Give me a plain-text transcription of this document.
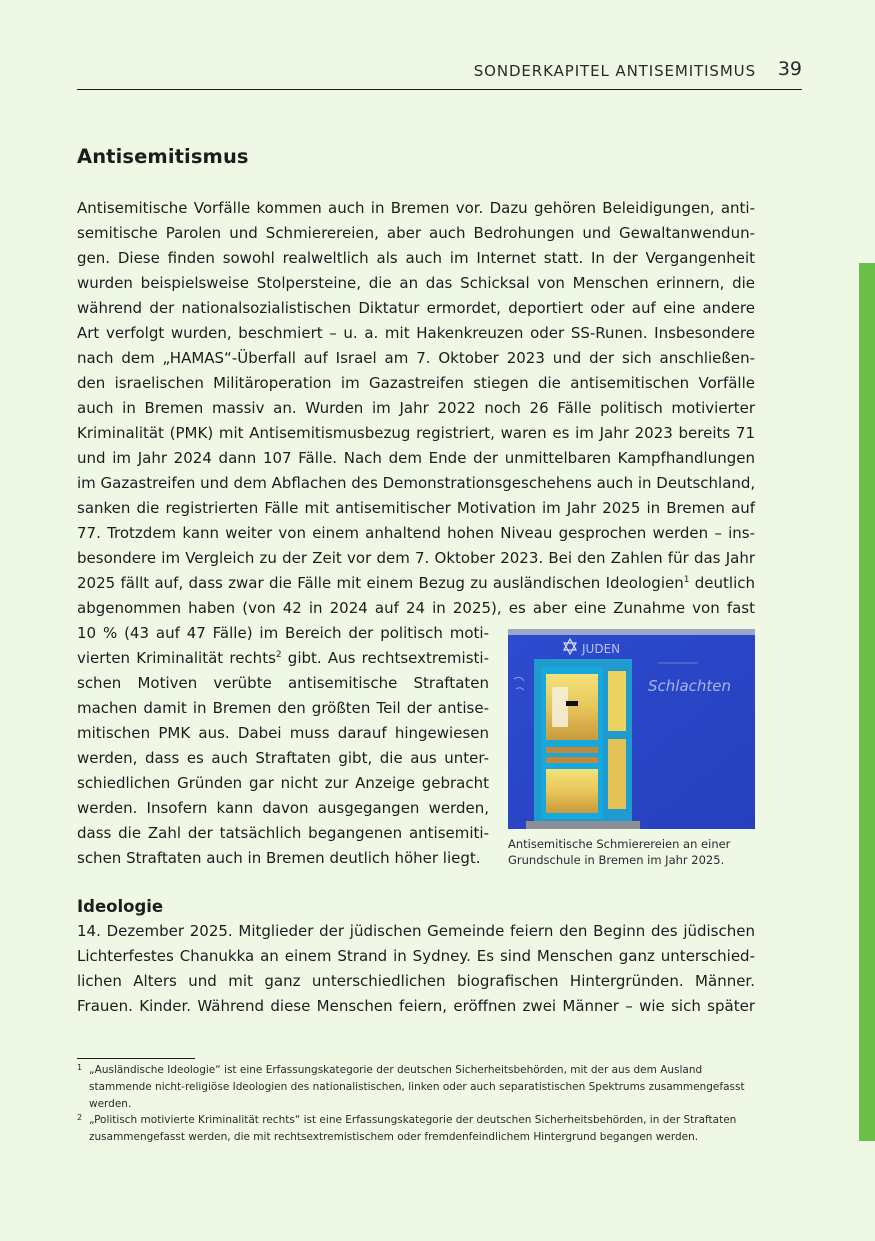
SONDERKAPITEL ANTISEMITISMUS 39
Antisemitismus
Antisemitische Vorfälle kommen auch in Bremen vor. Dazu gehören Beleidigungen, anti-
semitische Parolen und Schmierereien, aber auch Bedrohungen und Gewaltanwendun-
gen. Diese finden sowohl realweltlich als auch im Internet statt. In der Vergangenheit
wurden beispielsweise Stolpersteine, die an das Schicksal von Menschen erinnern, die
während der nationalsozialistischen Diktatur ermordet, deportiert oder auf eine andere
Art verfolgt wurden, beschmiert – u. a. mit Hakenkreuzen oder SS-Runen. Insbesondere
nach dem „HAMAS“-Überfall auf Israel am 7. Oktober 2023 und der sich anschließen-
den israelischen Militäroperation im Gazastreifen stiegen die antisemitischen Vorfälle
auch in Bremen massiv an. Wurden im Jahr 2022 noch 26 Fälle politisch motivierter
Kriminalität (PMK) mit Antisemitismusbezug registriert, waren es im Jahr 2023 bereits 71
und im Jahr 2024 dann 107 Fälle. Nach dem Ende der unmittelbaren Kampfhandlungen
im Gazastreifen und dem Abflachen des Demonstrationsgeschehens auch in Deutschland,
sanken die registrierten Fälle mit antisemitischer Motivation im Jahr 2025 in Bremen auf
77. Trotzdem kann weiter von einem anhaltend hohen Niveau gesprochen werden – ins-
besondere im Vergleich zu der Zeit vor dem 7. Oktober 2023. Bei den Zahlen für das Jahr
2025 fällt auf, dass zwar die Fälle mit einem Bezug zu ausländischen Ideologien$^1$ deutlich
abgenommen haben (von 42 in 2024 auf 24 in 2025), es aber eine Zunahme von fast
10 % (43 auf 47 Fälle) im Bereich der politisch moti-
vierten Kriminalität rechts$^2$ gibt. Aus rechtsextremisti-
schen Motiven verübte antisemitische Straftaten
machen damit in Bremen den größten Teil der antise-
mitischen PMK aus. Dabei muss darauf hingewiesen
werden, dass es auch Straftaten gibt, die aus unter-
schiedlichen Gründen gar nicht zur Anzeige gebracht
werden. Insofern kann davon ausgegangen werden,
dass die Zahl der tatsächlich begangenen antisemiti-
schen Straftaten auch in Bremen deutlich höher liegt.
JUDEN
Schlachten
Antisemitische Schmierereien an einer
Grundschule in Bremen im Jahr 2025.
Ideologie
14. Dezember 2025. Mitglieder der jüdischen Gemeinde feiern den Beginn des jüdischen
Lichterfestes Chanukka an einem Strand in Sydney. Es sind Menschen ganz unterschied-
lichen Alters und mit ganz unterschiedlichen biografischen Hintergründen. Männer.
Frauen. Kinder. Während diese Menschen feiern, eröffnen zwei Männer – wie sich später
1 „Ausländische Ideologie“ ist eine Erfassungskategorie der deutschen Sicherheitsbehörden, mit der aus dem Ausland stammende nicht-religiöse Ideologien des nationalistischen, linken oder auch separatistischen Spektrums zusammengefasst werden.
2 „Politisch motivierte Kriminalität rechts“ ist eine Erfassungskategorie der deutschen Sicherheitsbehörden, in der Straftaten zusammengefasst werden, die mit rechtsextremistischem oder fremdenfeindlichem Hintergrund begangen werden.
